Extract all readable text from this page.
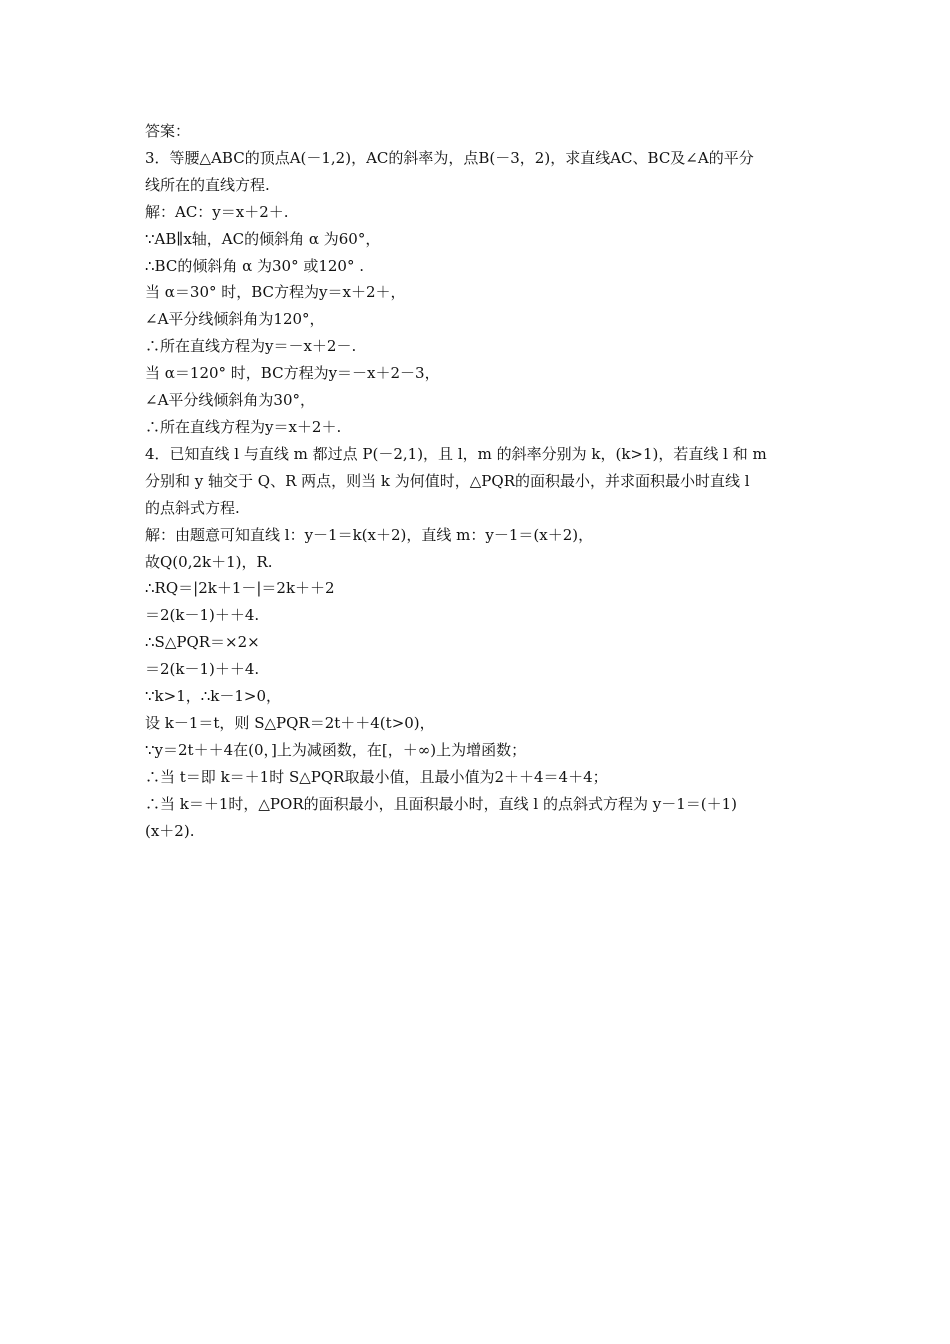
答案：
3．等腰△ABC的顶点A(－1,2)，AC的斜率为，点B(－3，2)，求直线AC、BC及∠A的平分
线所在的直线方程.
解：AC：y＝x＋2＋.
∵AB∥x轴，AC的倾斜角 α 为60°，
∴BC的倾斜角 α 为30° 或120° .
当 α＝30° 时，BC方程为y＝x＋2＋，
∠A平分线倾斜角为120°，
∴所在直线方程为y＝－x＋2－.
当 α＝120° 时，BC方程为y＝－x＋2－3，
∠A平分线倾斜角为30°，
∴所在直线方程为y＝x＋2＋.
4．已知直线 l 与直线 m 都过点 P(－2,1)，且 l，m 的斜率分别为 k，(k>1)，若直线 l 和 m
分别和 y 轴交于 Q、R 两点，则当 k 为何值时，△PQR的面积最小，并求面积最小时直线 l
的点斜式方程.
解：由题意可知直线 l：y－1＝k(x＋2)，直线 m：y－1＝(x＋2)，
故Q(0,2k＋1)，R.
∴RQ＝|2k＋1－|＝2k＋＋2
＝2(k－1)＋＋4.
∴S△PQR＝×2×
＝2(k－1)＋＋4.
∵k>1，∴k－1>0，
设 k－1＝t，则 S△PQR＝2t＋＋4(t>0)，
∵y＝2t＋＋4在(0，]上为减函数，在[，＋∞)上为增函数；
∴当 t＝即 k＝＋1时 S△PQR取最小值，且最小值为2＋＋4＝4＋4；
∴当 k＝＋1时，△POR的面积最小，且面积最小时，直线 l 的点斜式方程为 y－1＝(＋1)
(x＋2).
